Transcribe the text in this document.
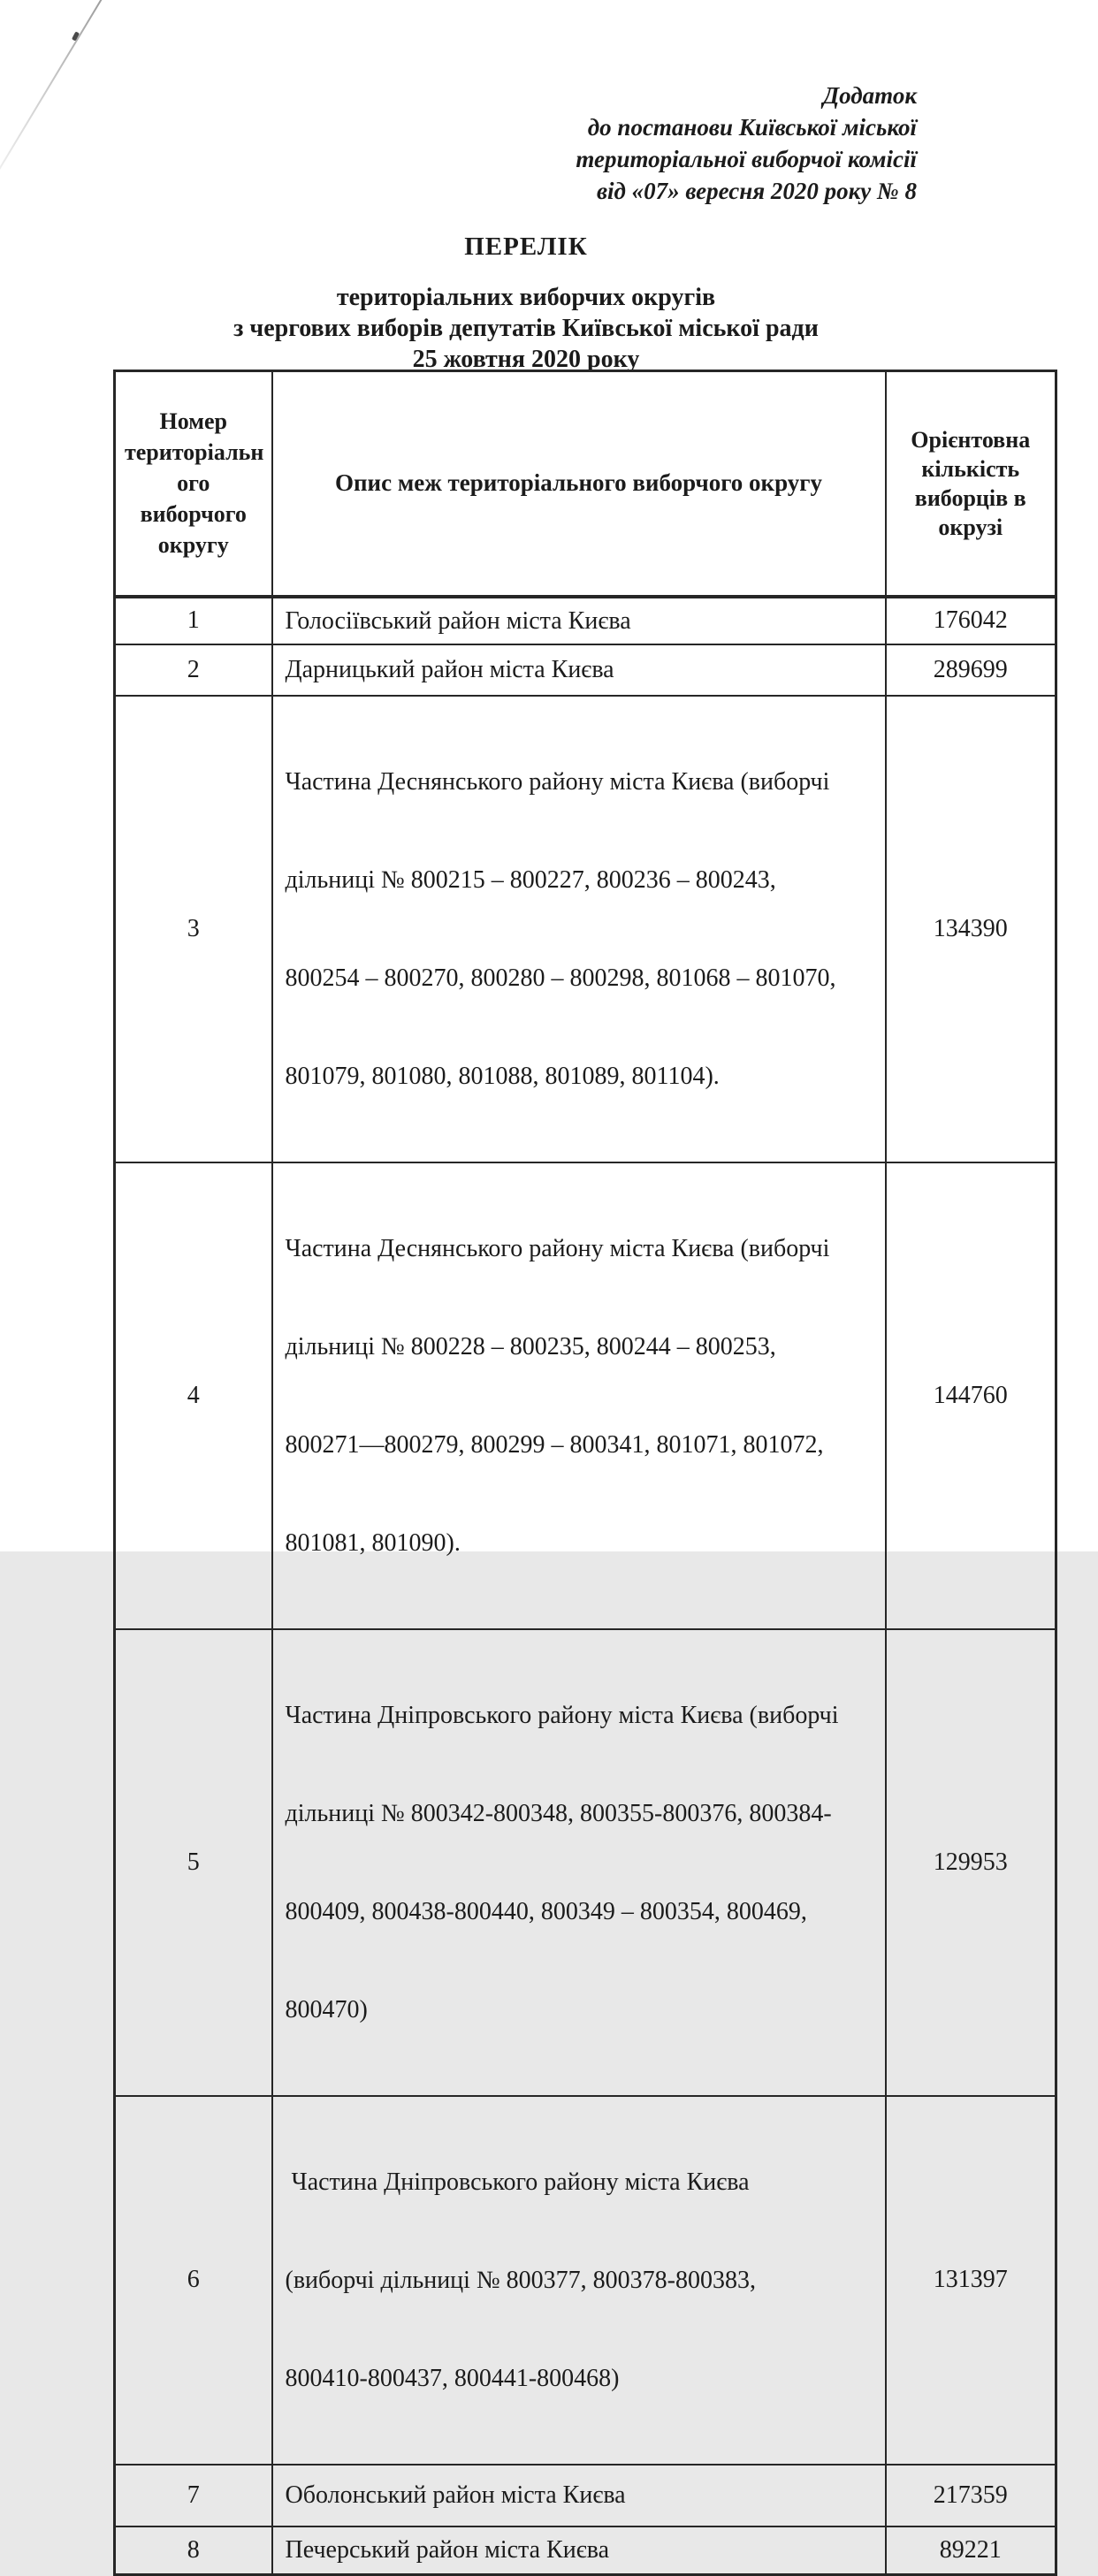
Додаток
до постанови Київської міської
територіальної виборчої комісії
від «07» вересня 2020 року № 8
ПЕРЕЛІК
територіальних виборчих округів
з чергових виборів депутатів Київської міської ради
25 жовтня 2020 року
Номер територіальн ого виборчого округу	Опис меж територіального виборчого округу	Орієнтовна кількість виборців в окрузі
1	Голосіївський район міста Києва	176042
2	Дарницький район міста Києва	289699
3	Частина Деснянського району міста Києва (виборчі

дільниці № 800215 – 800227, 800236 – 800243,

800254 – 800270, 800280 – 800298, 801068 – 801070,

801079, 801080, 801088, 801089, 801104).	134390
4	Частина Деснянського району міста Києва (виборчі

дільниці № 800228 – 800235, 800244 – 800253,

800271—800279, 800299 – 800341, 801071, 801072,

801081, 801090).	144760
5	Частина Дніпровського району міста Києва (виборчі

дільниці № 800342-800348, 800355-800376, 800384-

800409, 800438-800440, 800349 – 800354, 800469,

800470)	129953
6	Частина Дніпровського району міста Києва

(виборчі дільниці № 800377, 800378-800383,

800410-800437, 800441-800468)	131397
7	Оболонський район міста Києва	217359
8	Печерський район міста Києва	89221
